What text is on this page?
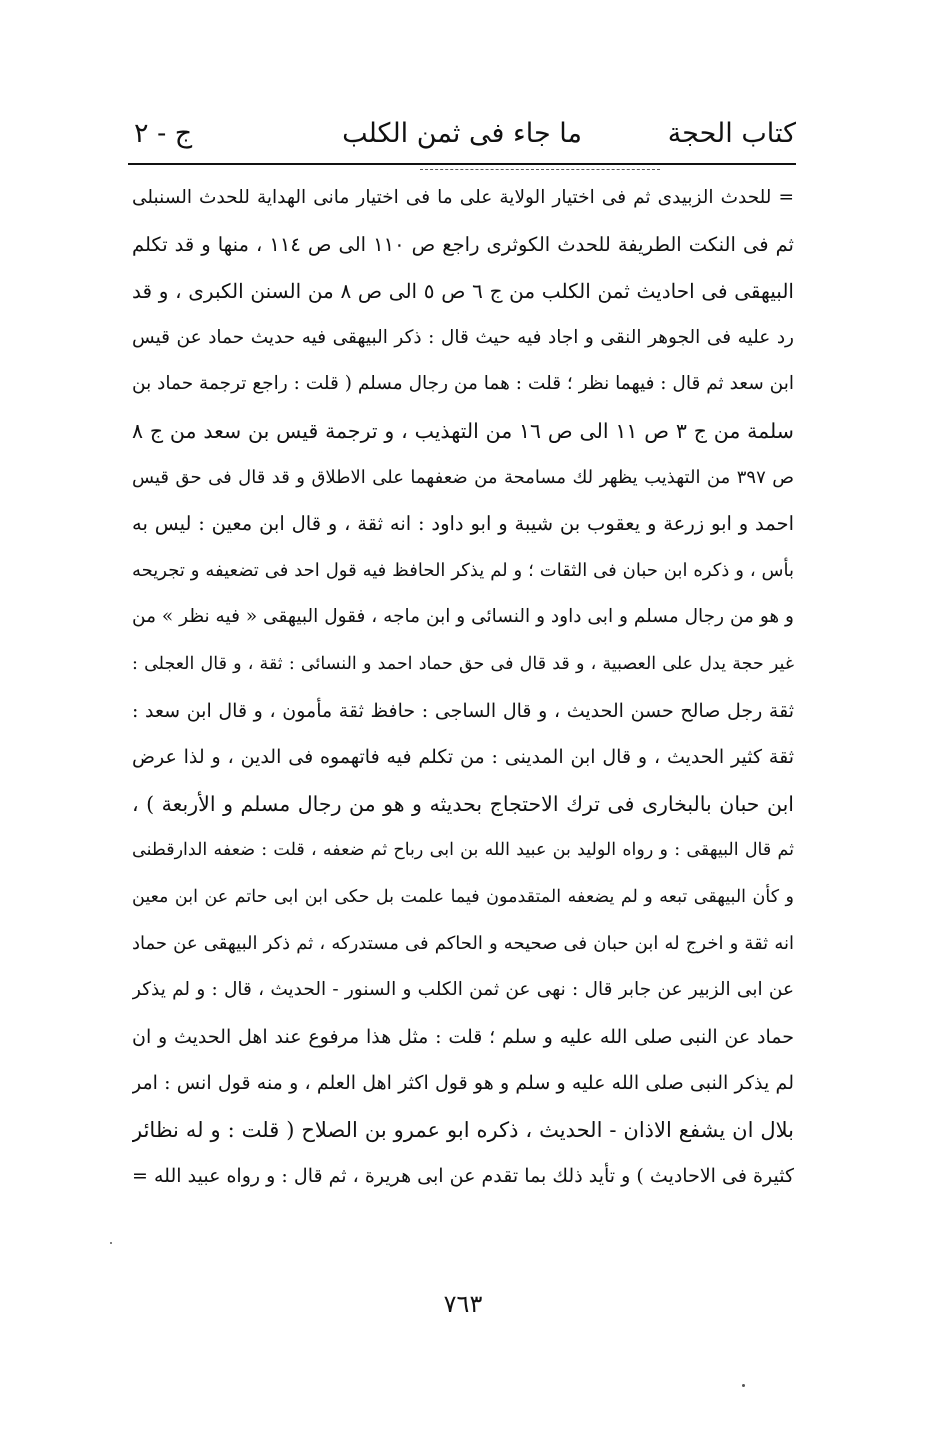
كتاب الحجة
ما جاء فى ثمن الكلب
ج - ٢
= للحدث الزبيدى ثم فى اختيار الولاية على ما فى اختيار مانى الهداية للحدث السنبلى
ثم فى النكت الطريفة للحدث الكوثرى راجع ص ١١٠ الى ص ١١٤ ، منها و قد تكلم
البيهقى فى احاديث ثمن الكلب من ج ٦ ص ٥ الى ص ٨ من السنن الكبرى ، و قد
رد عليه فى الجوهر النقى و اجاد فيه حيث قال : ذكر البيهقى فيه حديث حماد عن قيس
ابن سعد ثم قال : فيهما نظر ؛ قلت : هما من رجال مسلم ( قلت : راجع ترجمة حماد بن
سلمة من ج ٣ ص ١١ الى ص ١٦ من التهذيب ، و ترجمة قيس بن سعد من ج ٨
ص ٣٩٧ من التهذيب يظهر لك مسامحة من ضعفهما على الاطلاق و قد قال فى حق قيس
احمد و ابو زرعة و يعقوب بن شيبة و ابو داود : انه ثقة ، و قال ابن معين : ليس به
بأس ، و ذكره ابن حبان فى الثقات ؛ و لم يذكر الحافظ فيه قول احد فى تضعيفه و تجريحه
و هو من رجال مسلم و ابى داود و النسائى و ابن ماجه ، فقول البيهقى « فيه نظر » من
غير حجة يدل على العصبية ، و قد قال فى حق حماد احمد و النسائى : ثقة ، و قال العجلى :
ثقة رجل صالح حسن الحديث ، و قال الساجى : حافظ ثقة مأمون ، و قال ابن سعد :
ثقة كثير الحديث ، و قال ابن المدينى : من تكلم فيه فاتهموه فى الدين ، و لذا عرض
ابن حبان بالبخارى فى ترك الاحتجاج بحديثه و هو من رجال مسلم و الأربعة ) ،
ثم قال البيهقى : و رواه الوليد بن عبيد الله بن ابى رباح ثم ضعفه ، قلت : ضعفه الدارقطنى
و كأن البيهقى تبعه و لم يضعفه المتقدمون فيما علمت بل حكى ابن ابى حاتم عن ابن معين
انه ثقة و اخرج له ابن حبان فى صحيحه و الحاكم فى مستدركه ، ثم ذكر البيهقى عن حماد
عن ابى الزبير عن جابر قال : نهى عن ثمن الكلب و السنور - الحديث ، قال : و لم يذكر
حماد عن النبى صلى الله عليه و سلم ؛ قلت : مثل هذا مرفوع عند اهل الحديث و ان
لم يذكر النبى صلى الله عليه و سلم و هو قول اكثر اهل العلم ، و منه قول انس : امر
بلال ان يشفع الاذان - الحديث ، ذكره ابو عمرو بن الصلاح ( قلت : و له نظائر
كثيرة فى الاحاديث ) و تأيد ذلك بما تقدم عن ابى هريرة ، ثم قال : و رواه عبيد الله =
٧٦٣
